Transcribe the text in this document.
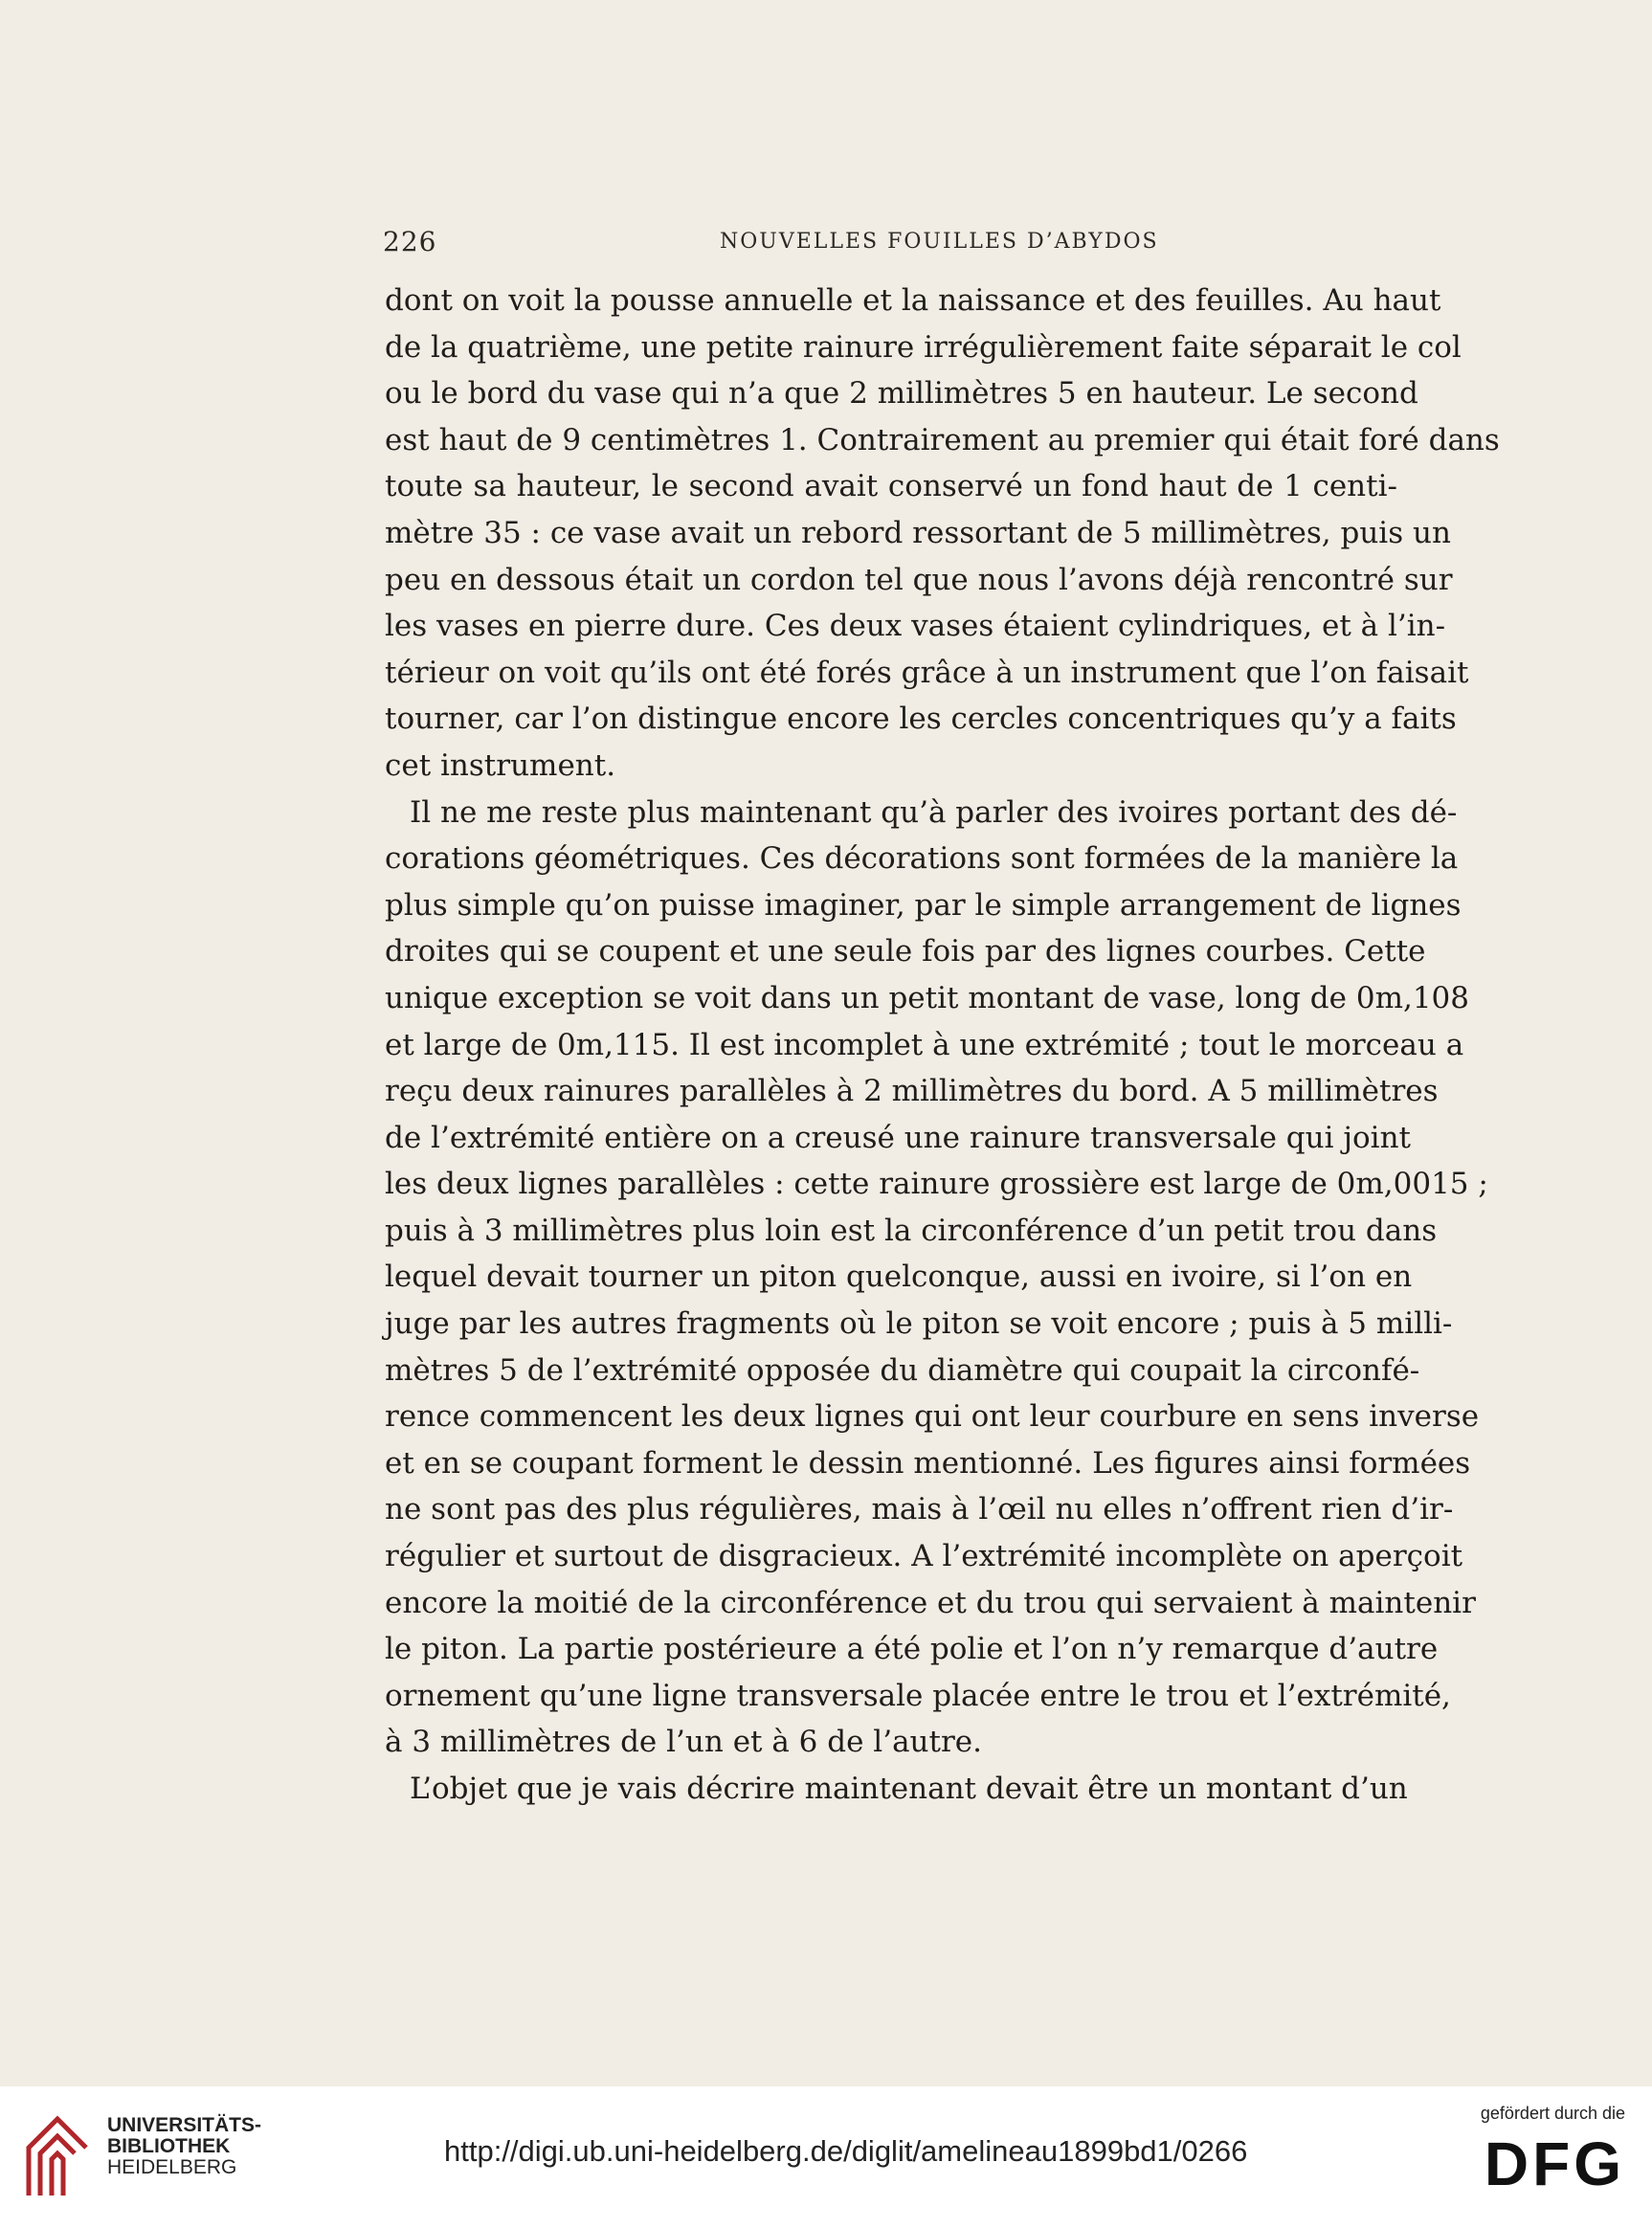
226	NOUVELLES FOUILLES D’ABYDOS
dont on voit la pousse annuelle et la naissance et des feuilles. Au haut
de la quatrième, une petite rainure irrégulièrement faite séparait le col
ou le bord du vase qui n’a que 2 millimètres 5 en hauteur. Le second
est haut de 9 centimètres 1. Contrairement au premier qui était foré dans
toute sa hauteur, le second avait conservé un fond haut de 1 centi-
mètre 35 : ce vase avait un rebord ressortant de 5 millimètres, puis un
peu en dessous était un cordon tel que nous l’avons déjà rencontré sur
les vases en pierre dure. Ces deux vases étaient cylindriques, et à l’in-
térieur on voit qu’ils ont été forés grâce à un instrument que l’on faisait
tourner, car l’on distingue encore les cercles concentriques qu’y a faits
cet instrument.
Il ne me reste plus maintenant qu’à parler des ivoires portant des dé-
corations géométriques. Ces décorations sont formées de la manière la
plus simple qu’on puisse imaginer, par le simple arrangement de lignes
droites qui se coupent et une seule fois par des lignes courbes. Cette
unique exception se voit dans un petit montant de vase, long de 0m,108
et large de 0m,115. Il est incomplet à une extrémité ; tout le morceau a
reçu deux rainures parallèles à 2 millimètres du bord. A 5 millimètres
de l’extrémité entière on a creusé une rainure transversale qui joint
les deux lignes parallèles : cette rainure grossière est large de 0m,0015 ;
puis à 3 millimètres plus loin est la circonférence d’un petit trou dans
lequel devait tourner un piton quelconque, aussi en ivoire, si l’on en
juge par les autres fragments où le piton se voit encore ; puis à 5 milli-
mètres 5 de l’extrémité opposée du diamètre qui coupait la circonfé-
rence commencent les deux lignes qui ont leur courbure en sens inverse
et en se coupant forment le dessin mentionné. Les figures ainsi formées
ne sont pas des plus régulières, mais à l’œil nu elles n’offrent rien d’ir-
régulier et surtout de disgracieux. A l’extrémité incomplète on aperçoit
encore la moitié de la circonférence et du trou qui servaient à maintenir
le piton. La partie postérieure a été polie et l’on n’y remarque d’autre
ornement qu’une ligne transversale placée entre le trou et l’extrémité,
à 3 millimètres de l’un et à 6 de l’autre.
L’objet que je vais décrire maintenant devait être un montant d’un
UNIVERSITÄTS-
BIBLIOTHEK
HEIDELBERG	http://digi.ub.uni-heidelberg.de/diglit/amelineau1899bd1/0266
gefördert durch die
DFG
